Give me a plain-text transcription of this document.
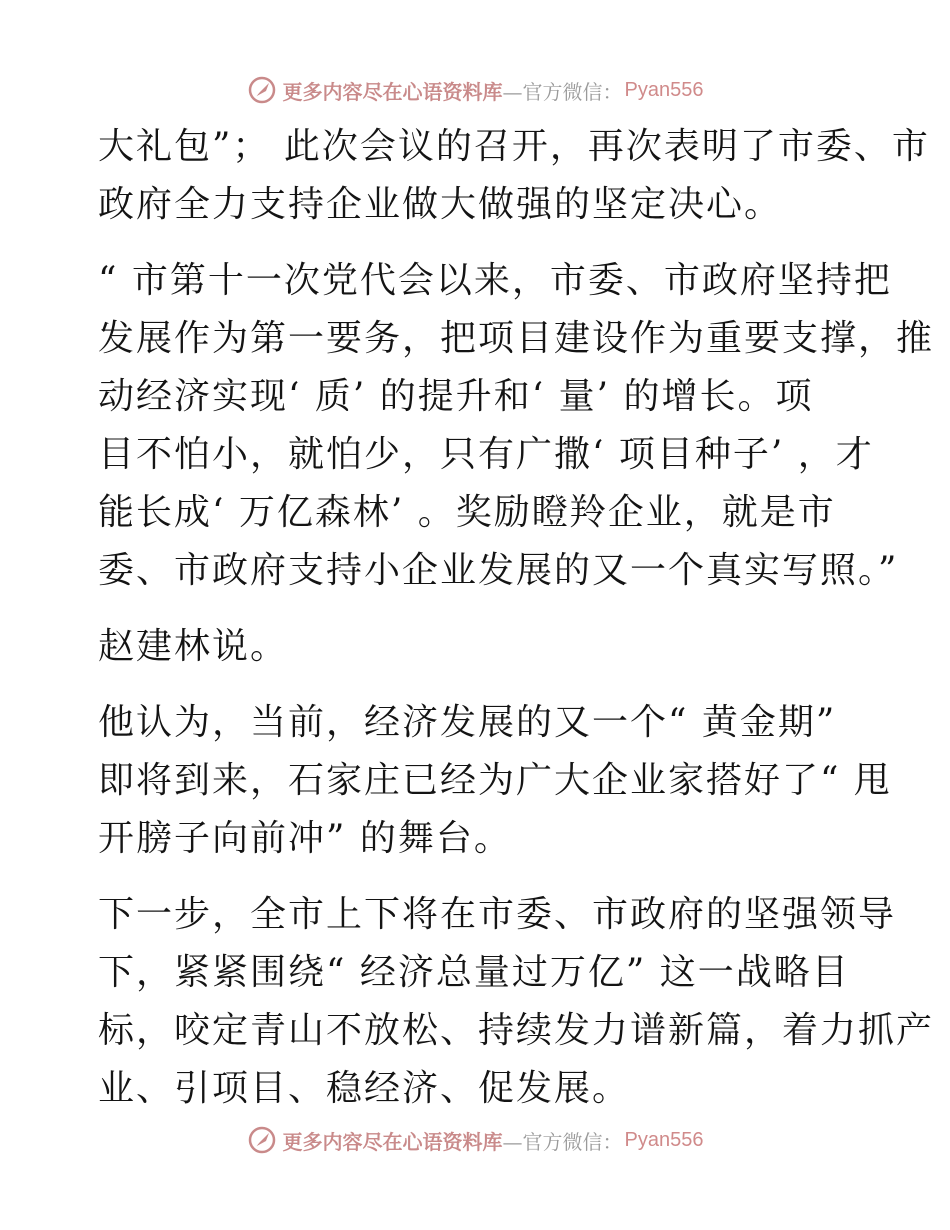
更多内容尽在心语资料库 —官方微信： Pyan556
大礼包”； 此次会议的召开，再次表明了市委、市
政府全力支持企业做大做强的坚定决心。
“ 市第十一次党代会以来，市委、市政府坚持把
发展作为第一要务，把项目建设作为重要支撑，推
动经济实现‘ 质’ 的提升和‘ 量’ 的增长。项
目不怕小，就怕少，只有广撒‘ 项目种子’ ，才
能长成‘ 万亿森林’ 。奖励瞪羚企业，就是市
委、市政府支持小企业发展的又一个真实写照。”
赵建林说。
他认为，当前，经济发展的又一个“ 黄金期”
即将到来，石家庄已经为广大企业家搭好了“ 甩
开膀子向前冲” 的舞台。
下一步，全市上下将在市委、市政府的坚强领导
下，紧紧围绕“ 经济总量过万亿” 这一战略目
标，咬定青山不放松、持续发力谱新篇，着力抓产
业、引项目、稳经济、促发展。
更多内容尽在心语资料库 —官方微信： Pyan556
